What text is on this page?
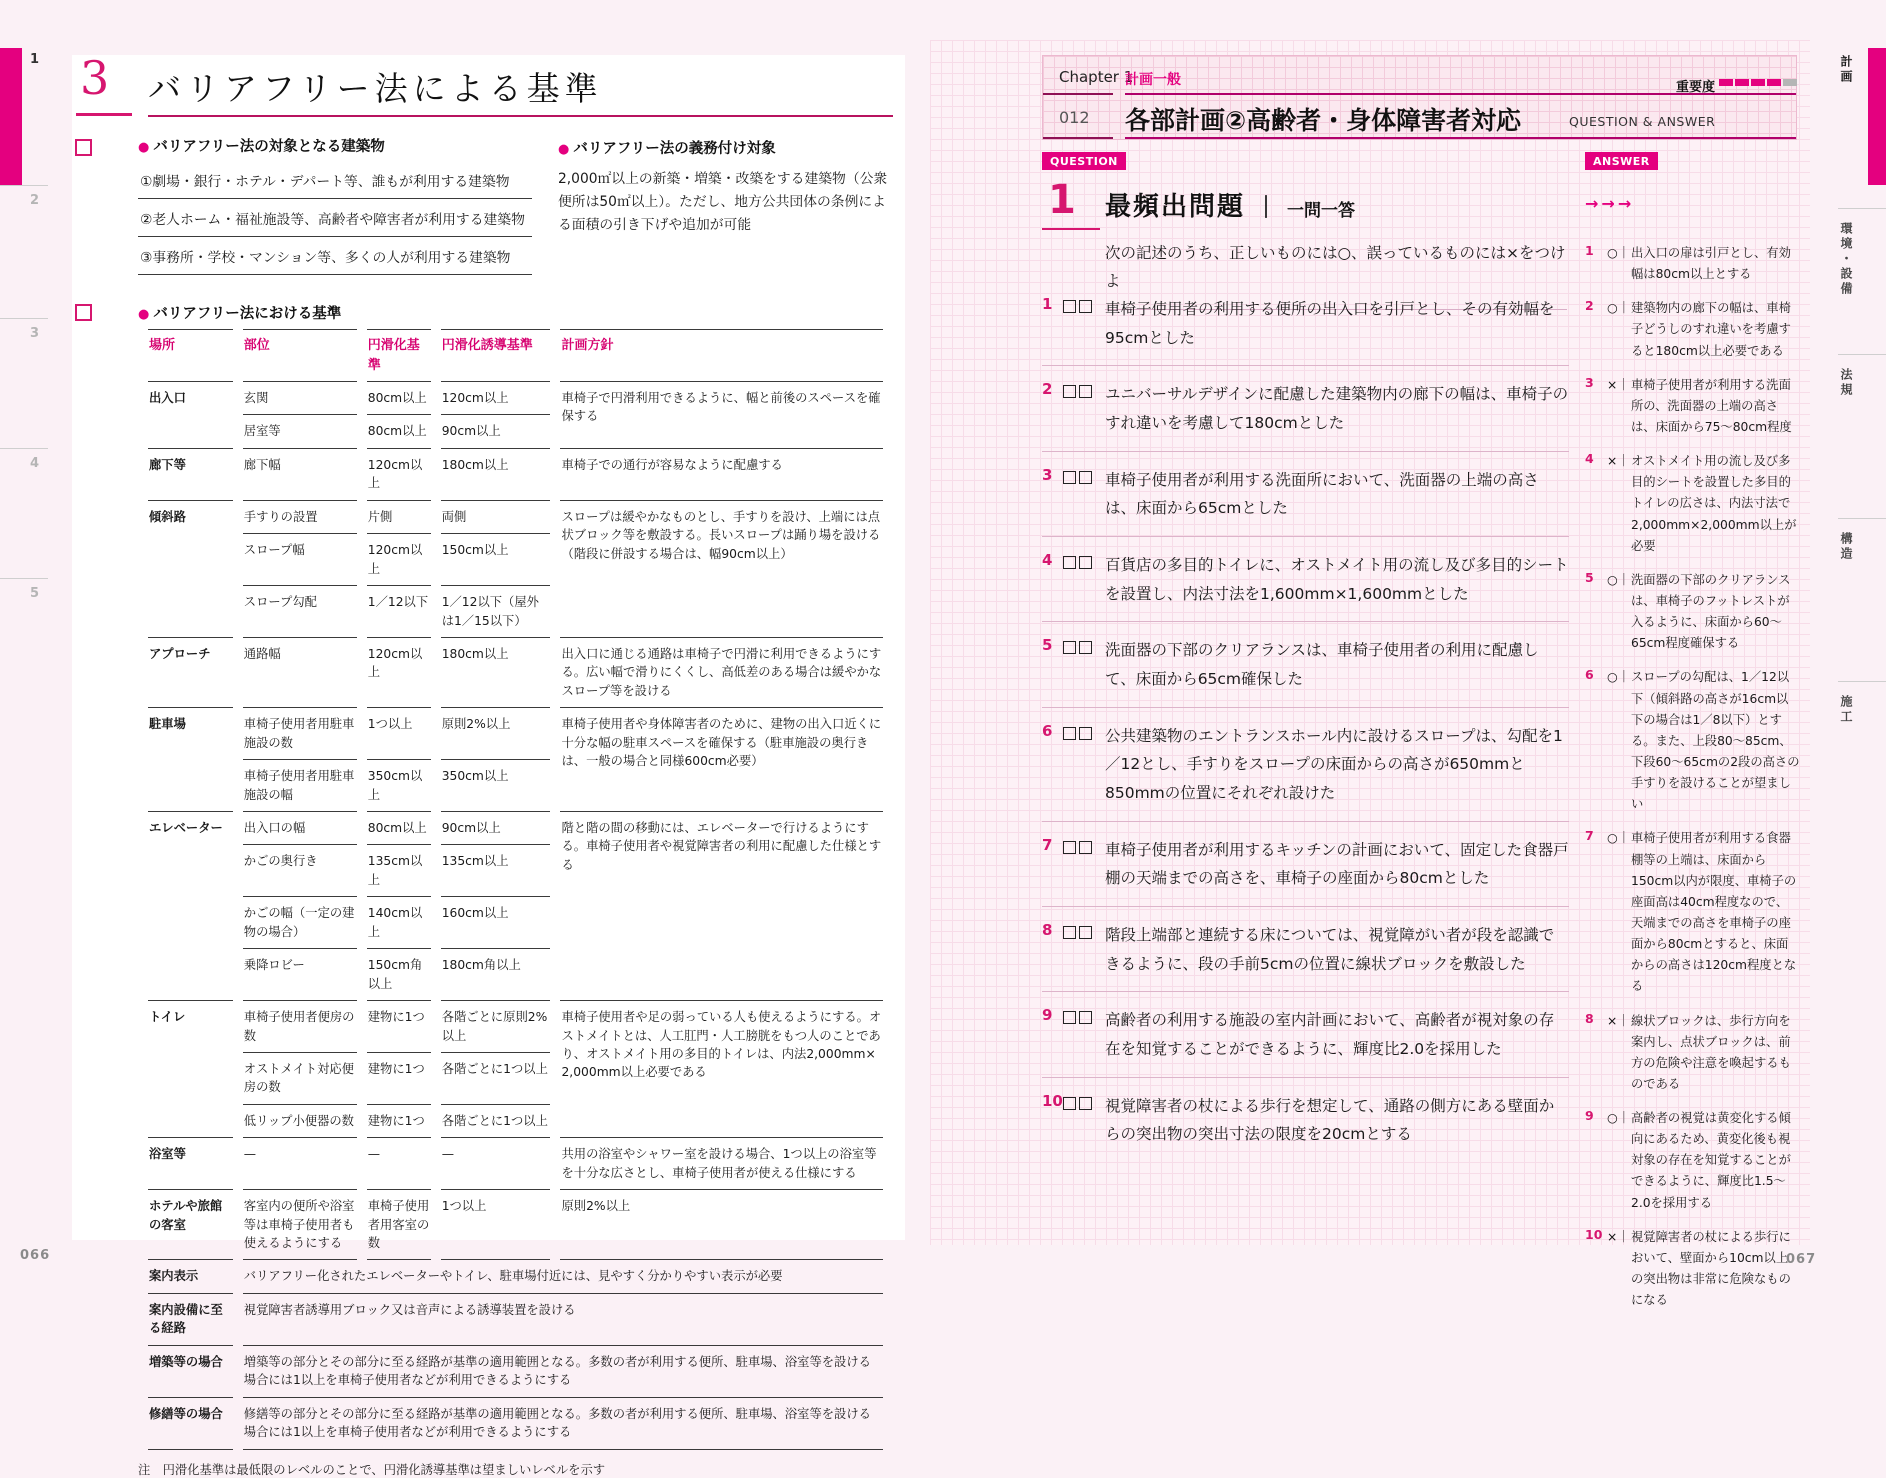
1
2
3
4
5
3 バリアフリー法による基準
● バリアフリー法の対象となる建築物
①劇場・銀行・ホテル・デパート等、誰もが利用する建築物
②老人ホーム・福祉施設等、高齢者や障害者が利用する建築物
③事務所・学校・マンション等、多くの人が利用する建築物
● バリアフリー法の義務付け対象
2,000㎡以上の新築・増築・改築をする建築物（公衆便所は50㎡以上）。ただし、地方公共団体の条例による面積の引き下げや追加が可能
● バリアフリー法における基準
場所	部位	円滑化基準	円滑化誘導基準	計画方針
出入口	玄関	80cm以上	120cm以上	車椅子で円滑利用できるように、幅と前後のスペースを確保する
	居室等	80cm以上	90cm以上	
廊下等	廊下幅	120cm以上	180cm以上	車椅子での通行が容易なように配慮する
傾斜路	手すりの設置	片側	両側	スロープは緩やかなものとし、手すりを設け、上端には点状ブロック等を敷設する。長いスロープは踊り場を設ける（階段に併設する場合は、幅90cm以上）
	スロープ幅	120cm以上	150cm以上	
	スロープ勾配	1／12以下	1／12以下（屋外は1／15以下）	
アプローチ	通路幅	120cm以上	180cm以上	出入口に通じる通路は車椅子で円滑に利用できるようにする。広い幅で滑りにくくし、高低差のある場合は緩やかなスロープ等を設ける
駐車場	車椅子使用者用駐車施設の数	1つ以上	原則2%以上	車椅子使用者や身体障害者のために、建物の出入口近くに十分な幅の駐車スペースを確保する（駐車施設の奥行きは、一般の場合と同様600cm必要）
	車椅子使用者用駐車施設の幅	350cm以上	350cm以上	
エレベーター	出入口の幅	80cm以上	90cm以上	階と階の間の移動には、エレベーターで行けるようにする。車椅子使用者や視覚障害者の利用に配慮した仕様とする
	かごの奥行き	135cm以上	135cm以上	
	かごの幅（一定の建物の場合）	140cm以上	160cm以上	
	乗降ロビー	150cm角以上	180cm角以上	
トイレ	車椅子使用者便房の数	建物に1つ	各階ごとに原則2%以上	車椅子使用者や足の弱っている人も使えるようにする。オストメイトとは、人工肛門・人工膀胱をもつ人のことであり、オストメイト用の多目的トイレは、内法2,000mm×2,000mm以上必要である
	オストメイト対応便房の数	建物に1つ	各階ごとに1つ以上	
	低リップ小便器の数	建物に1つ	各階ごとに1つ以上	
浴室等	—	—	—	共用の浴室やシャワー室を設ける場合、1つ以上の浴室等を十分な広さとし、車椅子使用者が使える仕様にする
ホテルや旅館の客室	客室内の便所や浴室等は車椅子使用者も使えるようにする	車椅子使用者用客室の数	1つ以上	原則2%以上
案内表示	バリアフリー化されたエレベーターやトイレ、駐車場付近には、見やすく分かりやすい表示が必要			
案内設備に至る経路	視覚障害者誘導用ブロック又は音声による誘導装置を設ける			
増築等の場合	増築等の部分とその部分に至る経路が基準の適用範囲となる。多数の者が利用する便所、駐車場、浴室等を設ける場合には1以上を車椅子使用者などが利用できるようにする			
修繕等の場合	修繕等の部分とその部分に至る経路が基準の適用範囲となる。多数の者が利用する便所、駐車場、浴室等を設ける場合には1以上を車椅子使用者などが利用できるようにする			
注　円滑化基準は最低限のレベルのことで、円滑化誘導基準は望ましいレベルを示す
Chapter 1
計画一般	重要度
012 各部計画②高齢者・身体障害者対応	QUESTION & ANSWER
QUESTION
1	最頻出問題 ｜ 一問一答
次の記述のうち、正しいものには○、誤っているものには×をつけよ
1	車椅子使用者の利用する便所の出入口を引戸とし、その有効幅を95cmとした
2	ユニバーサルデザインに配慮した建築物内の廊下の幅は、車椅子のすれ違いを考慮して180cmとした
3	車椅子使用者が利用する洗面所において、洗面器の上端の高さは、床面から65cmとした
4	百貨店の多目的トイレに、オストメイト用の流し及び多目的シートを設置し、内法寸法を1,600mm×1,600mmとした
5	洗面器の下部のクリアランスは、車椅子使用者の利用に配慮して、床面から65cm確保した
6	公共建築物のエントランスホール内に設けるスロープは、勾配を1／12とし、手すりをスロープの床面からの高さが650mmと850mmの位置にそれぞれ設けた
7	車椅子使用者が利用するキッチンの計画において、固定した食器戸棚の天端までの高さを、車椅子の座面から80cmとした
8	階段上端部と連続する床については、視覚障がい者が段を認識できるように、段の手前5cmの位置に線状ブロックを敷設した
9	高齢者の利用する施設の室内計画において、高齢者が視対象の存在を知覚することができるように、輝度比2.0を採用した
10	視覚障害者の杖による歩行を想定して、通路の側方にある壁面からの突出物の突出寸法の限度を20cmとする
ANSWER
→→→
1	○｜ 出入口の扉は引戸とし、有効幅は80cm以上とする
2	○｜ 建築物内の廊下の幅は、車椅子どうしのすれ違いを考慮すると180cm以上必要である
3	×｜ 車椅子使用者が利用する洗面所の、洗面器の上端の高さは、床面から75～80cm程度
4	×｜ オストメイト用の流し及び多目的シートを設置した多目的トイレの広さは、内法寸法で2,000mm×2,000mm以上が必要
5	○｜ 洗面器の下部のクリアランスは、車椅子のフットレストが入るように、床面から60～65cm程度確保する
6	○｜ スロープの勾配は、1／12以下（傾斜路の高さが16cm以下の場合は1／8以下）とする。また、上段80～85cm、下段60～65cmの2段の高さの手すりを設けることが望ましい
7	○｜ 車椅子使用者が利用する食器棚等の上端は、床面から150cm以内が限度、車椅子の座面高は40cm程度なので、天端までの高さを車椅子の座面から80cmとすると、床面からの高さは120cm程度となる
8	×｜ 線状ブロックは、歩行方向を案内し、点状ブロックは、前方の危険や注意を喚起するものである
9	○｜ 高齢者の視覚は黄変化する傾向にあるため、黄変化後も視対象の存在を知覚することができるように、輝度比1.5～2.0を採用する
10 ×｜ 視覚障害者の杖による歩行において、壁面から10cm以上の突出物は非常に危険なものになる
計画
環境・設備
法規
構造
施工
066	067
